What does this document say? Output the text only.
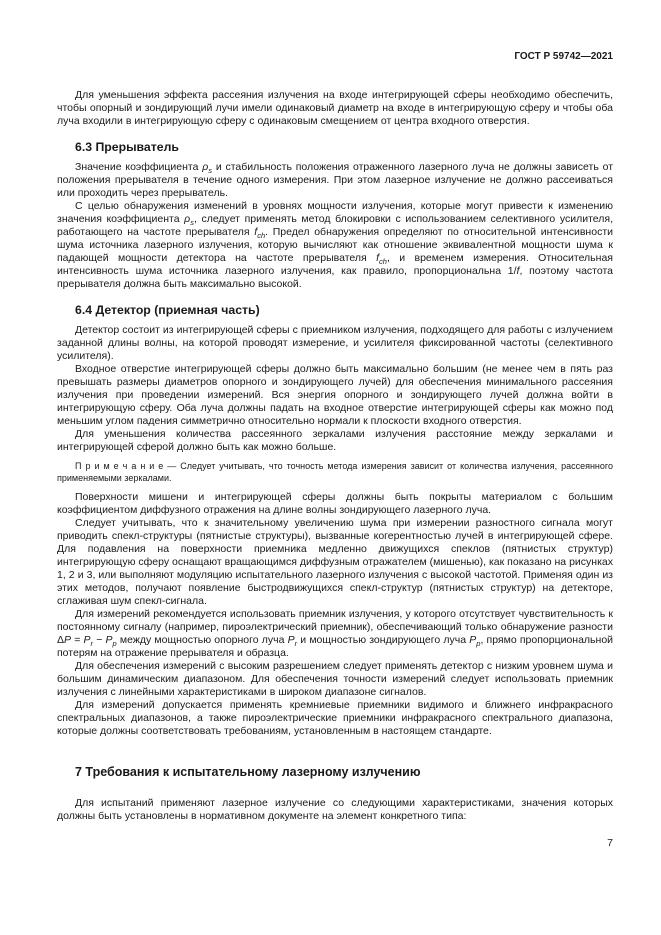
ГОСТ Р 59742—2021

Для уменьшения эффекта рассеяния излучения на входе интегрирующей сферы необходимо обеспечить, чтобы опорный и зондирующий лучи имели одинаковый диаметр на входе в интегрирующую сферу и чтобы оба луча входили в интегрирующую сферу с одинаковым смещением от центра входного отверстия.

6.3 Прерыватель

Значение коэффициента $\rho_s$ и стабильность положения отраженного лазерного луча не должны зависеть от положения прерывателя в течение одного измерения. При этом лазерное излучение не должно рассеиваться или проходить через прерыватель.

С целью обнаружения изменений в уровнях мощности излучения, которые могут привести к изменению значения коэффициента $\rho_s$, следует применять метод блокировки с использованием селективного усилителя, работающего на частоте прерывателя $f_{ch}$. Предел обнаружения определяют по относительной интенсивности шума источника лазерного излучения, которую вычисляют как отношение эквивалентной мощности шума к падающей мощности детектора на частоте прерывателя $f_{ch}$, и временем измерения. Относительная интенсивность шума источника лазерного излучения, как правило, пропорциональна 1/f, поэтому частота прерывателя должна быть максимально высокой.

6.4 Детектор (приемная часть)

Детектор состоит из интегрирующей сферы с приемником излучения, подходящего для работы с излучением заданной длины волны, на которой проводят измерение, и усилителя фиксированной частоты (селективного усилителя).

Входное отверстие интегрирующей сферы должно быть максимально большим (не менее чем в пять раз превышать размеры диаметров опорного и зондирующего лучей) для обеспечения минимального рассеяния излучения при проведении измерений. Вся энергия опорного и зондирующего лучей должна войти в интегрирующую сферу. Оба луча должны падать на входное отверстие интегрирующей сферы как можно под меньшим углом падения симметрично относительно нормали к плоскости входного отверстия.

Для уменьшения количества рассеянного зеркалами излучения расстояние между зеркалами и интегрирующей сферой должно быть как можно больше.

П р и м е ч а н и е — Следует учитывать, что точность метода измерения зависит от количества излучения, рассеянного применяемыми зеркалами.

Поверхности мишени и интегрирующей сферы должны быть покрыты материалом с большим коэффициентом диффузного отражения на длине волны зондирующего лазерного луча.

Следует учитывать, что к значительному увеличению шума при измерении разностного сигнала могут приводить спекл-структуры (пятнистые структуры), вызванные когерентностью лучей в интегрирующей сфере. Для подавления на поверхности приемника медленно движущихся спеклов (пятнистых структур) интегрирующую сферу оснащают вращающимся диффузным отражателем (мишенью), как показано на рисунках 1, 2 и 3, или выполняют модуляцию испытательного лазерного излучения с высокой частотой. Применяя один из этих методов, получают появление быстродвижущихся спекл-структур (пятнистых структур) на детекторе, сглаживая шум спекл-сигнала.

Для измерений рекомендуется использовать приемник излучения, у которого отсутствует чувствительность к постоянному сигналу (например, пироэлектрический приемник), обеспечивающий только обнаружение разности $\Delta P = P_r - P_p$ между мощностью опорного луча $P_r$ и мощностью зондирующего луча $P_p$, прямо пропорциональной потерям на отражение прерывателя и образца.

Для обеспечения измерений с высоким разрешением следует применять детектор с низким уровнем шума и большим динамическим диапазоном. Для обеспечения точности измерений следует использовать приемник излучения с линейными характеристиками в широком диапазоне сигналов.

Для измерений допускается применять кремниевые приемники видимого и ближнего инфракрасного спектральных диапазонов, а также пироэлектрические приемники инфракрасного спектрального диапазона, которые должны соответствовать требованиям, установленным в настоящем стандарте.

7 Требования к испытательному лазерному излучению

Для испытаний применяют лазерное излучение со следующими характеристиками, значения которых должны быть установлены в нормативном документе на элемент конкретного типа:

7
